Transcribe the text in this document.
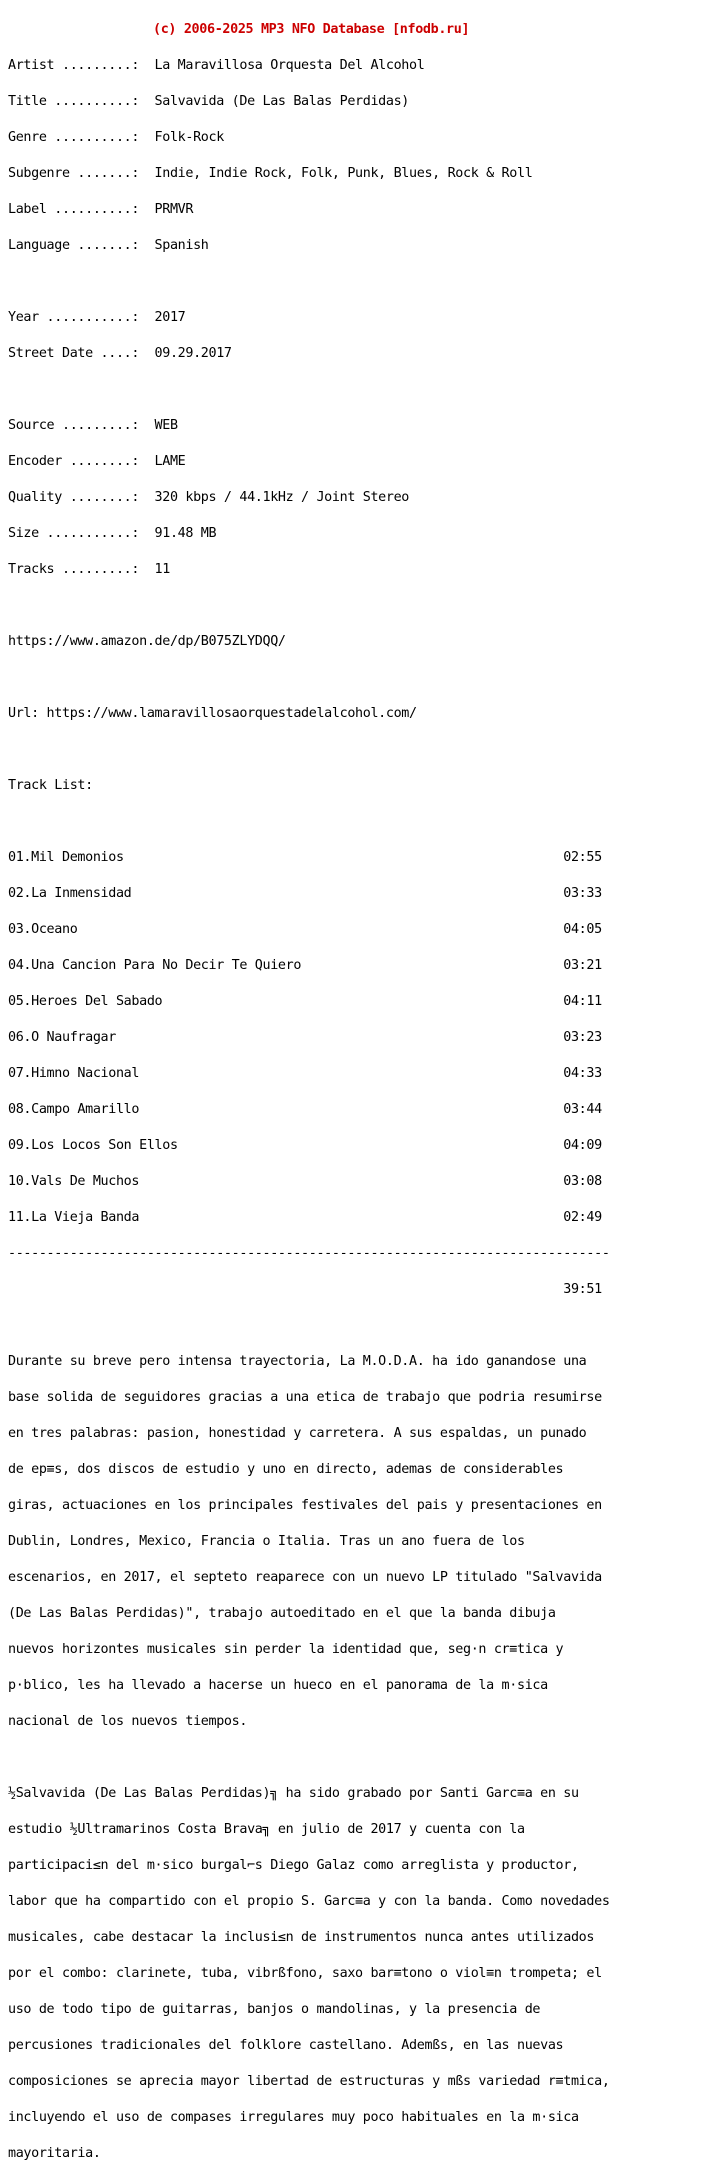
(c) 2006-2025 MP3 NFO Database [nfodb.ru]

Artist .........:  La Maravillosa Orquesta Del Alcohol

Title ..........:  Salvavida (De Las Balas Perdidas)

Genre ..........:  Folk-Rock

Subgenre .......:  Indie, Indie Rock, Folk, Punk, Blues, Rock & Roll

Label ..........:  PRMVR

Language .......:  Spanish

Year ...........:  2017

Street Date ....:  09.29.2017

Source .........:  WEB

Encoder ........:  LAME

Quality ........:  320 kbps / 44.1kHz / Joint Stereo

Size ...........:  91.48 MB

Tracks .........:  11

https://www.amazon.de/dp/B075ZLYDQQ/

Url: https://www.lamaravillosaorquestadelalcohol.com/

Track List:

01.Mil Demonios                                                         02:55

02.La Inmensidad                                                        03:33

03.Oceano                                                               04:05

04.Una Cancion Para No Decir Te Quiero                                  03:21

05.Heroes Del Sabado                                                    04:11

06.O Naufragar                                                          03:23

07.Himno Nacional                                                       04:33

08.Campo Amarillo                                                       03:44

09.Los Locos Son Ellos                                                  04:09

10.Vals De Muchos                                                       03:08

11.La Vieja Banda                                                       02:49

------------------------------------------------------------------------------

39:51

Durante su breve pero intensa trayectoria, La M.O.D.A. ha ido ganandose una

base solida de seguidores gracias a una etica de trabajo que podria resumirse

en tres palabras: pasion, honestidad y carretera. A sus espaldas, un punado

de ep≡s, dos discos de estudio y uno en directo, ademas de considerables

giras, actuaciones en los principales festivales del pais y presentaciones en

Dublin, Londres, Mexico, Francia o Italia. Tras un ano fuera de los

escenarios, en 2017, el septeto reaparece con un nuevo LP titulado "Salvavida

(De Las Balas Perdidas)", trabajo autoeditado en el que la banda dibuja

nuevos horizontes musicales sin perder la identidad que, seg·n cr≡tica y

p·blico, les ha llevado a hacerse un hueco en el panorama de la m·sica

nacional de los nuevos tiempos.

½Salvavida (De Las Balas Perdidas)╗ ha sido grabado por Santi Garc≡a en su

estudio ½Ultramarinos Costa Brava╗ en julio de 2017 y cuenta con la

participaci≤n del m·sico burgal⌐s Diego Galaz como arreglista y productor,

labor que ha compartido con el propio S. Garc≡a y con la banda. Como novedades

musicales, cabe destacar la inclusi≤n de instrumentos nunca antes utilizados

por el combo: clarinete, tuba, vibrßfono, saxo bar≡tono o viol≡n trompeta; el

uso de todo tipo de guitarras, banjos o mandolinas, y la presencia de

percusiones tradicionales del folklore castellano. Ademßs, en las nuevas

composiciones se aprecia mayor libertad de estructuras y mßs variedad r≡tmica,

incluyendo el uso de compases irregulares muy poco habituales en la m·sica

mayoritaria.
